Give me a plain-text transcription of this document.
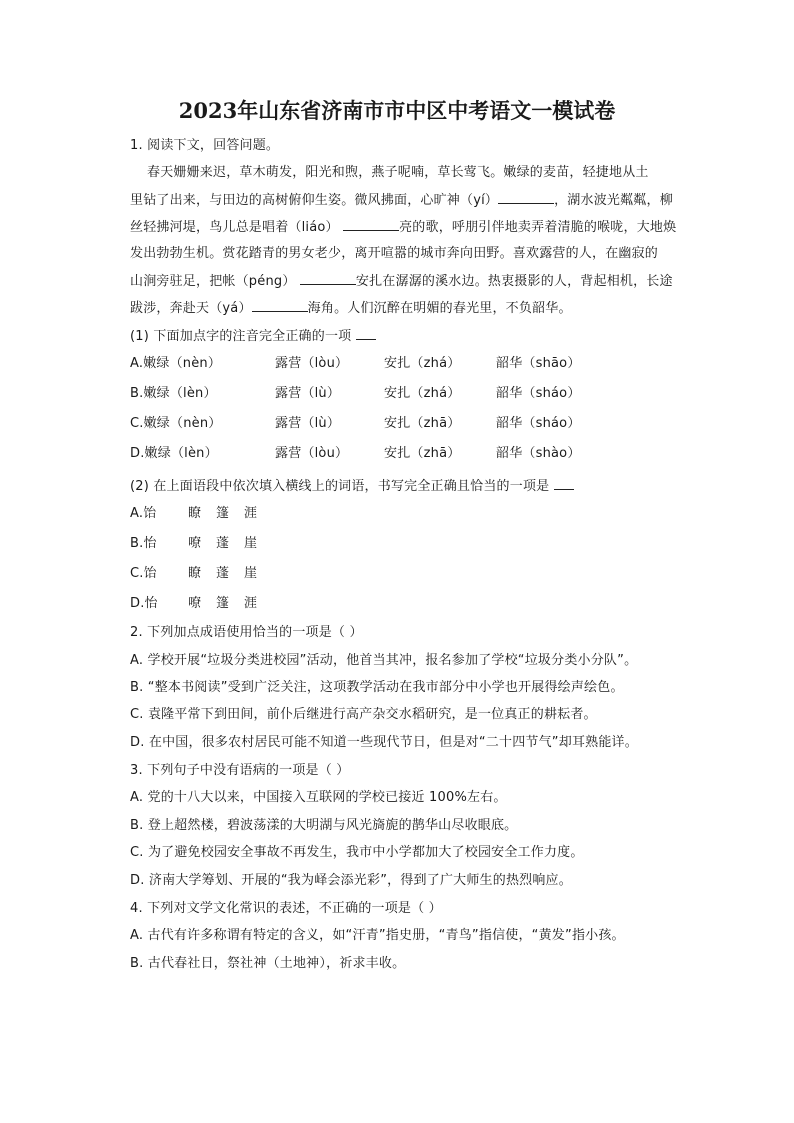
2023年山东省济南市市中区中考语文一模试卷
1. 阅读下文，回答问题。
春天姗姗来迟，草木萌发，阳光和煦，燕子呢喃，草长莺飞。嫩绿的麦苗，轻捷地从土
里钻了出来，与田边的高树俯仰生姿。微风拂面，心旷神（yí）	，湖水波光粼粼，柳
丝轻拂河堤，鸟儿总是唱着（liáo）	亮的歌，呼朋引伴地卖弄着清脆的喉咙，大地焕
发出勃勃生机。赏花踏青的男女老少，离开喧嚣的城市奔向田野。喜欢露营的人，在幽寂的
山涧旁驻足，把帐（péng）	安扎在潺潺的溪水边。热衷摄影的人，背起相机，长途
跋涉，奔赴天（yá）	海角。人们沉醉在明媚的春光里，不负韶华。
(1) 下面加点字的注音完全正确的一项
A.嫩绿（nèn）	露营（lòu）	安扎（zhá）	韶华（shāo）
B.嫩绿（lèn）	露营（lù）	安扎（zhá）	韶华（sháo）
C.嫩绿（nèn）	露营（lù）	安扎（zhā）	韶华（sháo）
D.嫩绿（lèn）	露营（lòu）	安扎（zhā）	韶华（shào）
(2) 在上面语段中依次填入横线上的词语，书写完全正确且恰当的一项是
A.饴 瞭 篷 涯
B.怡 嘹 蓬 崖
C.饴 瞭 蓬 崖
D.怡 嘹 篷 涯
2. 下列加点成语使用恰当的一项是（ ）
A. 学校开展“垃圾分类进校园”活动，他首当其冲，报名参加了学校“垃圾分类小分队”。
B. “整本书阅读”受到广泛关注，这项教学活动在我市部分中小学也开展得绘声绘色。
C. 袁隆平常下到田间，前仆后继进行高产杂交水稻研究，是一位真正的耕耘者。
D. 在中国，很多农村居民可能不知道一些现代节日，但是对“二十四节气”却耳熟能详。
3. 下列句子中没有语病的一项是（ ）
A. 党的十八大以来，中国接入互联网的学校已接近 100%左右。
B. 登上超然楼，碧波荡漾的大明湖与风光旖旎的鹊华山尽收眼底。
C. 为了避免校园安全事故不再发生，我市中小学都加大了校园安全工作力度。
D. 济南大学筹划、开展的“我为峄会添光彩”，得到了广大师生的热烈响应。
4. 下列对文学文化常识的表述，不正确的一项是（ ）
A. 古代有许多称谓有特定的含义，如“汗青”指史册，“青鸟”指信使，“黄发”指小孩。
B. 古代春社日，祭社神（土地神），祈求丰收。
